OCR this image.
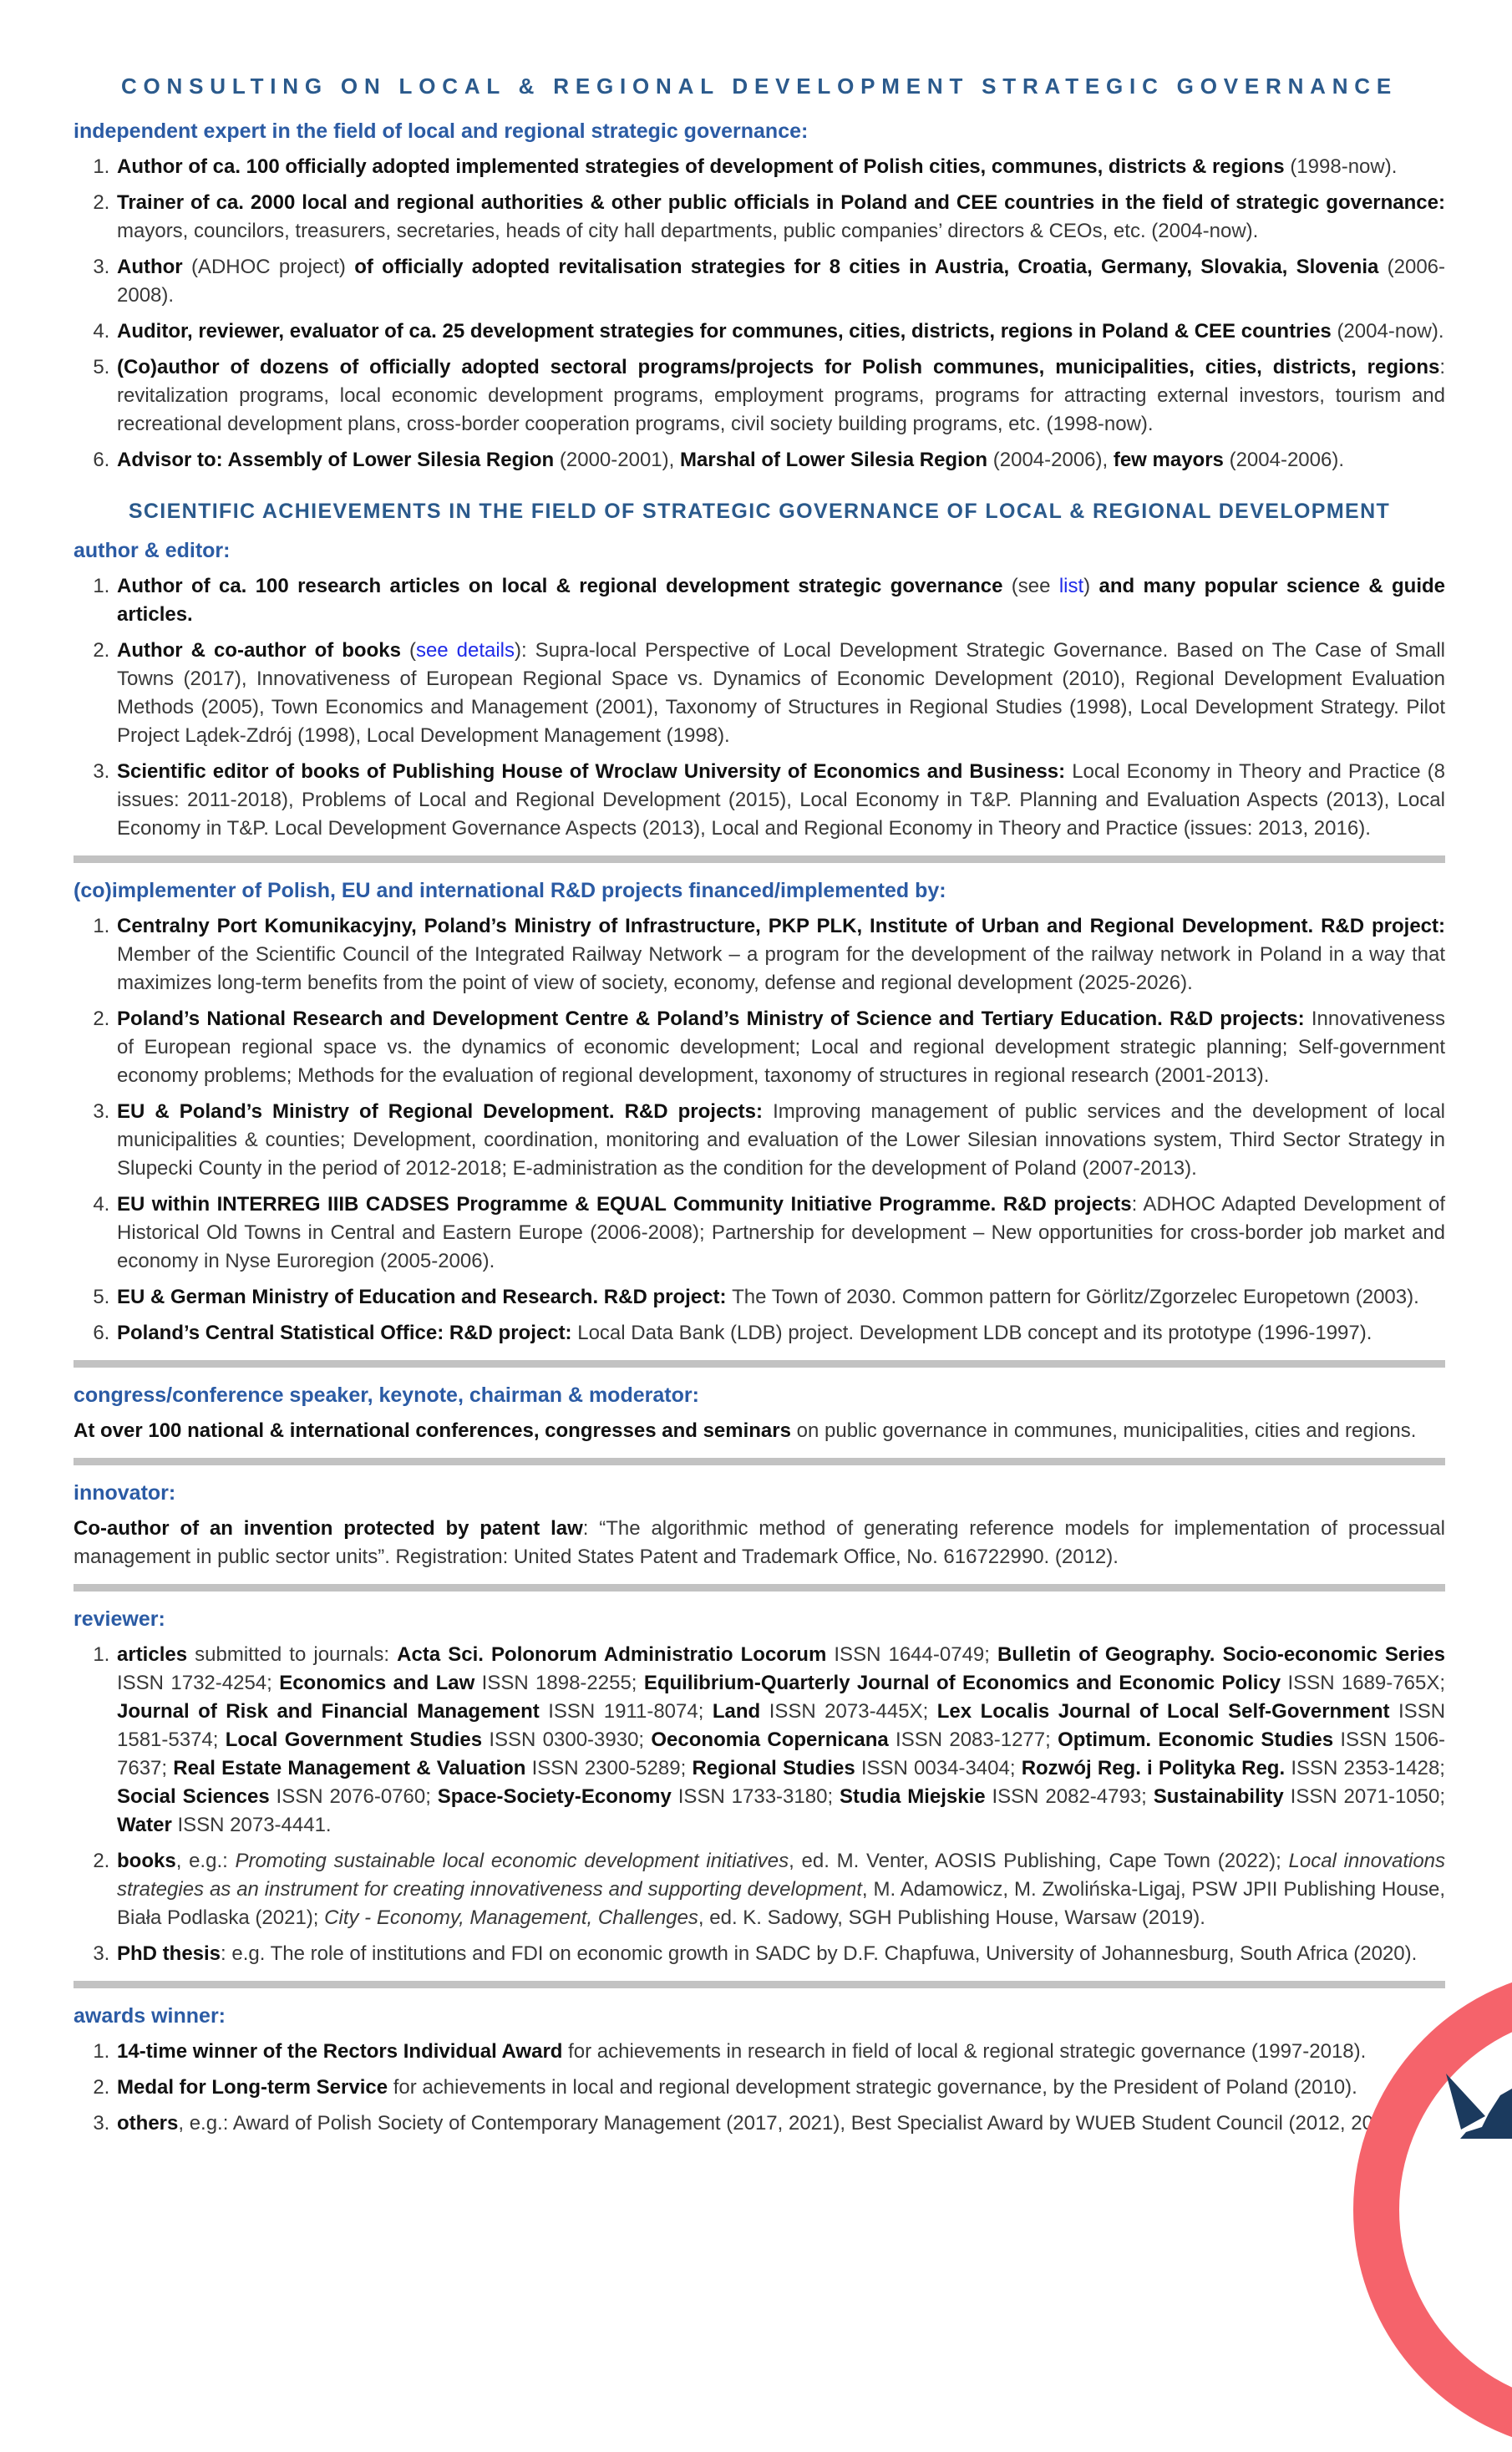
CONSULTING ON LOCAL & REGIONAL DEVELOPMENT STRATEGIC GOVERNANCE

independent expert in the field of local and regional strategic governance:

1. Author of ca. 100 officially adopted implemented strategies of development of Polish cities, communes, districts & regions (1998-now).
2. Trainer of ca. 2000 local and regional authorities & other public officials in Poland and CEE countries in the field of strategic governance: mayors, councilors, treasurers, secretaries, heads of city hall departments, public companies’ directors & CEOs, etc. (2004-now).
3. Author (ADHOC project) of officially adopted revitalisation strategies for 8 cities in Austria, Croatia, Germany, Slovakia, Slovenia (2006-2008).
4. Auditor, reviewer, evaluator of ca. 25 development strategies for communes, cities, districts, regions in Poland & CEE countries (2004-now).
5. (Co)author of dozens of officially adopted sectoral programs/projects for Polish communes, municipalities, cities, districts, regions: revitalization programs, local economic development programs, employment programs, programs for attracting external investors, tourism and recreational development plans, cross-border cooperation programs, civil society building programs, etc. (1998-now).
6. Advisor to: Assembly of Lower Silesia Region (2000-2001), Marshal of Lower Silesia Region (2004-2006), few mayors (2004-2006).
SCIENTIFIC ACHIEVEMENTS IN THE FIELD OF STRATEGIC GOVERNANCE OF LOCAL & REGIONAL DEVELOPMENT

author & editor:

1. Author of ca. 100 research articles on local & regional development strategic governance (see list) and many popular science & guide articles.
2. Author & co-author of books (see details): Supra-local Perspective of Local Development Strategic Governance. Based on The Case of Small Towns (2017), Innovativeness of European Regional Space vs. Dynamics of Economic Development (2010), Regional Development Evaluation Methods (2005), Town Economics and Management (2001), Taxonomy of Structures in Regional Studies (1998), Local Development Strategy. Pilot Project Lądek-Zdrój (1998), Local Development Management (1998).
3. Scientific editor of books of Publishing House of Wroclaw University of Economics and Business: Local Economy in Theory and Practice (8 issues: 2011-2018), Problems of Local and Regional Development (2015), Local Economy in T&P. Planning and Evaluation Aspects (2013), Local Economy in T&P. Local Development Governance Aspects (2013), Local and Regional Economy in Theory and Practice (issues: 2013, 2016).

(co)implementer of Polish, EU and international R&D projects financed/implemented by:

1. Centralny Port Komunikacyjny, Poland’s Ministry of Infrastructure, PKP PLK, Institute of Urban and Regional Development. R&D project: Member of the Scientific Council of the Integrated Railway Network – a program for the development of the railway network in Poland in a way that maximizes long-term benefits from the point of view of society, economy, defense and regional development (2025-2026).
2. Poland’s National Research and Development Centre & Poland’s Ministry of Science and Tertiary Education. R&D projects: Innovativeness of European regional space vs. the dynamics of economic development; Local and regional development strategic planning; Self-government economy problems; Methods for the evaluation of regional development, taxonomy of structures in regional research (2001-2013).
3. EU & Poland’s Ministry of Regional Development. R&D projects: Improving management of public services and the development of local municipalities & counties; Development, coordination, monitoring and evaluation of the Lower Silesian innovations system, Third Sector Strategy in Slupecki County in the period of 2012-2018; E-administration as the condition for the development of Poland (2007-2013).
4. EU within INTERREG IIIB CADSES Programme & EQUAL Community Initiative Programme. R&D projects: ADHOC Adapted Development of Historical Old Towns in Central and Eastern Europe (2006-2008); Partnership for development – New opportunities for cross-border job market and economy in Nyse Euroregion (2005-2006).
5. EU & German Ministry of Education and Research. R&D project: The Town of 2030. Common pattern for Görlitz/Zgorzelec Europetown (2003).
6. Poland’s Central Statistical Office: R&D project: Local Data Bank (LDB) project. Development LDB concept and its prototype (1996-1997).

congress/conference speaker, keynote, chairman & moderator:

At over 100 national & international conferences, congresses and seminars on public governance in communes, municipalities, cities and regions.

innovator:

Co-author of an invention protected by patent law: “The algorithmic method of generating reference models for implementation of processual management in public sector units”. Registration: United States Patent and Trademark Office, No. 616722990. (2012).

reviewer:

1. articles submitted to journals: Acta Sci. Polonorum Administratio Locorum ISSN 1644-0749; Bulletin of Geography. Socio-economic Series ISSN 1732-4254; Economics and Law ISSN 1898-2255; Equilibrium-Quarterly Journal of Economics and Economic Policy ISSN 1689-765X; Journal of Risk and Financial Management ISSN 1911-8074; Land ISSN 2073-445X; Lex Localis Journal of Local Self-Government ISSN 1581-5374; Local Government Studies ISSN 0300-3930; Oeconomia Copernicana ISSN 2083-1277; Optimum. Economic Studies ISSN 1506-7637; Real Estate Management & Valuation ISSN 2300-5289; Regional Studies ISSN 0034-3404; Rozwój Reg. i Polityka Reg. ISSN 2353-1428; Social Sciences ISSN 2076-0760; Space-Society-Economy ISSN 1733-3180; Studia Miejskie ISSN 2082-4793; Sustainability ISSN 2071-1050; Water ISSN 2073-4441.
2. books, e.g.: Promoting sustainable local economic development initiatives, ed. M. Venter, AOSIS Publishing, Cape Town (2022); Local innovations strategies as an instrument for creating innovativeness and supporting development, M. Adamowicz, M. Zwolińska-Ligaj, PSW JPII Publishing House, Biała Podlaska (2021); City - Economy, Management, Challenges, ed. K. Sadowy, SGH Publishing House, Warsaw (2019).
3. PhD thesis: e.g. The role of institutions and FDI on economic growth in SADC by D.F. Chapfuwa, University of Johannesburg, South Africa (2020).

awards winner:

1. 14-time winner of the Rectors Individual Award for achievements in research in field of local & regional strategic governance (1997-2018).
2. Medal for Long-term Service for achievements in local and regional development strategic governance, by the President of Poland (2010).
3. others, e.g.: Award of Polish Society of Contemporary Management (2017, 2021), Best Specialist Award by WUEB Student Council (2012, 2013).
